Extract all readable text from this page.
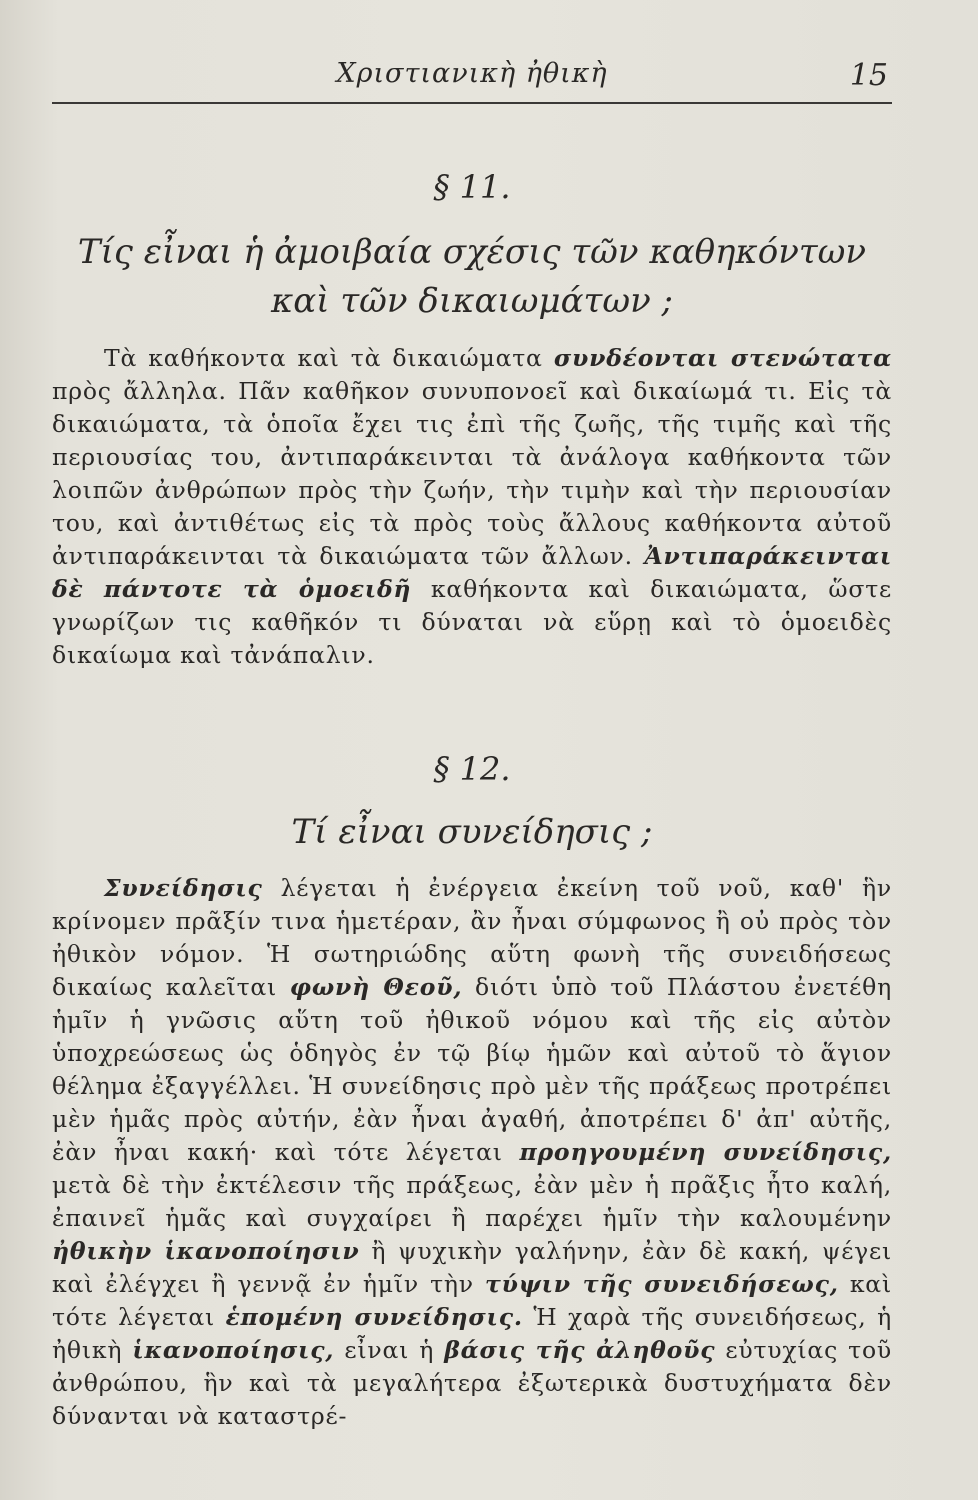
Χριστιανικὴ ἠθικὴ	15
§ 11.
Τίς εἶναι ἡ ἀμοιβαία σχέσις τῶν καθηκόντων
καὶ τῶν δικαιωμάτων ;

Τὰ καθήκοντα καὶ τὰ δικαιώματα συνδέονται στενώτατα πρὸς ἄλληλα. Πᾶν καθῆκον συνυπονοεῖ καὶ δικαίωμά τι. Εἰς τὰ δικαιώματα, τὰ ὁποῖα ἔχει τις ἐπὶ τῆς ζωῆς, τῆς τιμῆς καὶ τῆς περιουσίας του, ἀντιπαράκεινται τὰ ἀνάλογα καθήκοντα τῶν λοιπῶν ἀνθρώπων πρὸς τὴν ζωήν, τὴν τιμὴν καὶ τὴν περιουσίαν του, καὶ ἀντιθέτως εἰς τὰ πρὸς τοὺς ἄλλους καθήκοντα αὐτοῦ ἀντιπαράκεινται τὰ δικαιώματα τῶν ἄλλων. Ἀντιπαράκεινται δὲ πάντοτε τὰ ὁμοειδῆ καθήκοντα καὶ δικαιώματα, ὥστε γνωρίζων τις καθῆκόν τι δύναται νὰ εὕρῃ καὶ τὸ ὁμοειδὲς δικαίωμα καὶ τἀνάπαλιν.

§ 12.
Τί εἶναι συνείδησις ;

Συνείδησις λέγεται ἡ ἐνέργεια ἐκείνη τοῦ νοῦ, καθ' ἣν κρίνομεν πρᾶξίν τινα ἡμετέραν, ἂν ἦναι σύμφωνος ἢ οὐ πρὸς τὸν ἠθικὸν νόμον. Ἡ σωτηριώδης αὕτη φωνὴ τῆς συνειδήσεως δικαίως καλεῖται φωνὴ Θεοῦ, διότι ὑπὸ τοῦ Πλάστου ἐνετέθη ἡμῖν ἡ γνῶσις αὕτη τοῦ ἠθικοῦ νόμου καὶ τῆς εἰς αὐτὸν ὑποχρεώσεως ὡς ὁδηγὸς ἐν τῷ βίῳ ἡμῶν καὶ αὐτοῦ τὸ ἅγιον θέλημα ἐξαγγέλλει. Ἡ συνείδησις πρὸ μὲν τῆς πράξεως προτρέπει μὲν ἡμᾶς πρὸς αὐτήν, ἐὰν ἦναι ἀγαθή, ἀποτρέπει δ' ἀπ' αὐτῆς, ἐὰν ἦναι κακή· καὶ τότε λέγεται προηγουμένη συνείδησις, μετὰ δὲ τὴν ἐκτέλεσιν τῆς πράξεως, ἐὰν μὲν ἡ πρᾶξις ἦτο καλή, ἐπαινεῖ ἡμᾶς καὶ συγχαίρει ἢ παρέχει ἡμῖν τὴν καλουμένην ἠθικὴν ἱκανοποίησιν ἢ ψυχικὴν γαλήνην, ἐὰν δὲ κακή, ψέγει καὶ ἐλέγχει ἢ γεννᾷ ἐν ἡμῖν τὴν τύψιν τῆς συνειδήσεως, καὶ τότε λέγεται ἑπομένη συνείδησις. Ἡ χαρὰ τῆς συνειδήσεως, ἡ ἠθικὴ ἱκανοποίησις, εἶναι ἡ βάσις τῆς ἀληθοῦς εὐτυχίας τοῦ ἀνθρώπου, ἣν καὶ τὰ μεγαλήτερα ἐξωτερικὰ δυστυχήματα δὲν δύνανται νὰ καταστρέ-
